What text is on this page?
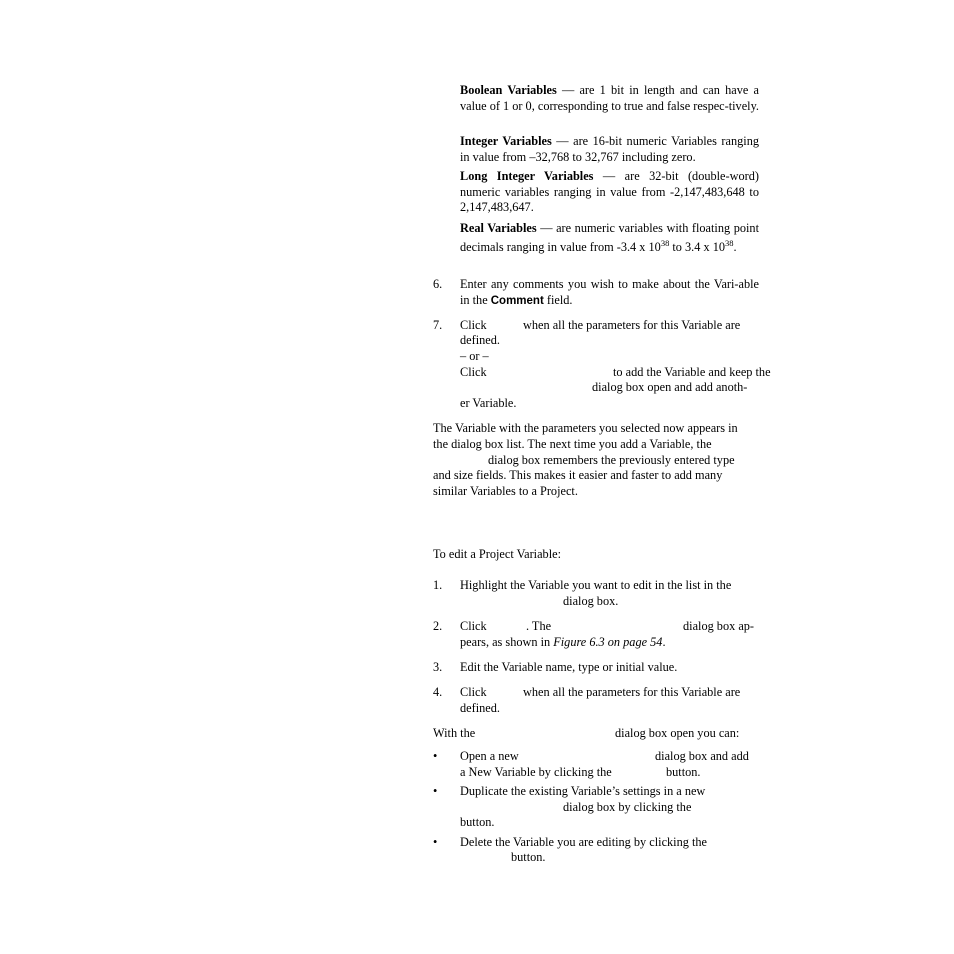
Boolean Variables — are 1 bit in length and can have a value of 1 or 0, corresponding to true and false respec-tively.

Integer Variables — are 16-bit numeric Variables ranging in value from –32,768 to 32,767 including zero.

Long Integer Variables — are 32-bit (double-word) numeric variables ranging in value from -2,147,483,648 to 2,147,483,647.

Real Variables — are numeric variables with floating point decimals ranging in value from -3.4 x $10^{38}$ to 3.4 x $10^{38}$.

6. Enter any comments you wish to make about the Vari-able in the Comment field.

7. Click	when all the parameters for this Variable are
defined.
– or –
Click	to add the Variable and keep the
dialog box open and add anoth-
er Variable.
The Variable with the parameters you selected now appears in
the dialog box list. The next time you add a Variable, the
dialog box remembers the previously entered type
and size fields. This makes it easier and faster to add many
similar Variables to a Project.
To edit a Project Variable:
1. Highlight the Variable you want to edit in the list in the
dialog box.
2. Click	. The	dialog box ap-
pears, as shown in Figure 6.3 on page 54.
3. Edit the Variable name, type or initial value.
4. Click	when all the parameters for this Variable are
defined.
With the	dialog box open you can:
• Open a new	dialog box and add
a New Variable by clicking the	button.
• Duplicate the existing Variable’s settings in a new
dialog box by clicking the
button.
• Delete the Variable you are editing by clicking the
button.
